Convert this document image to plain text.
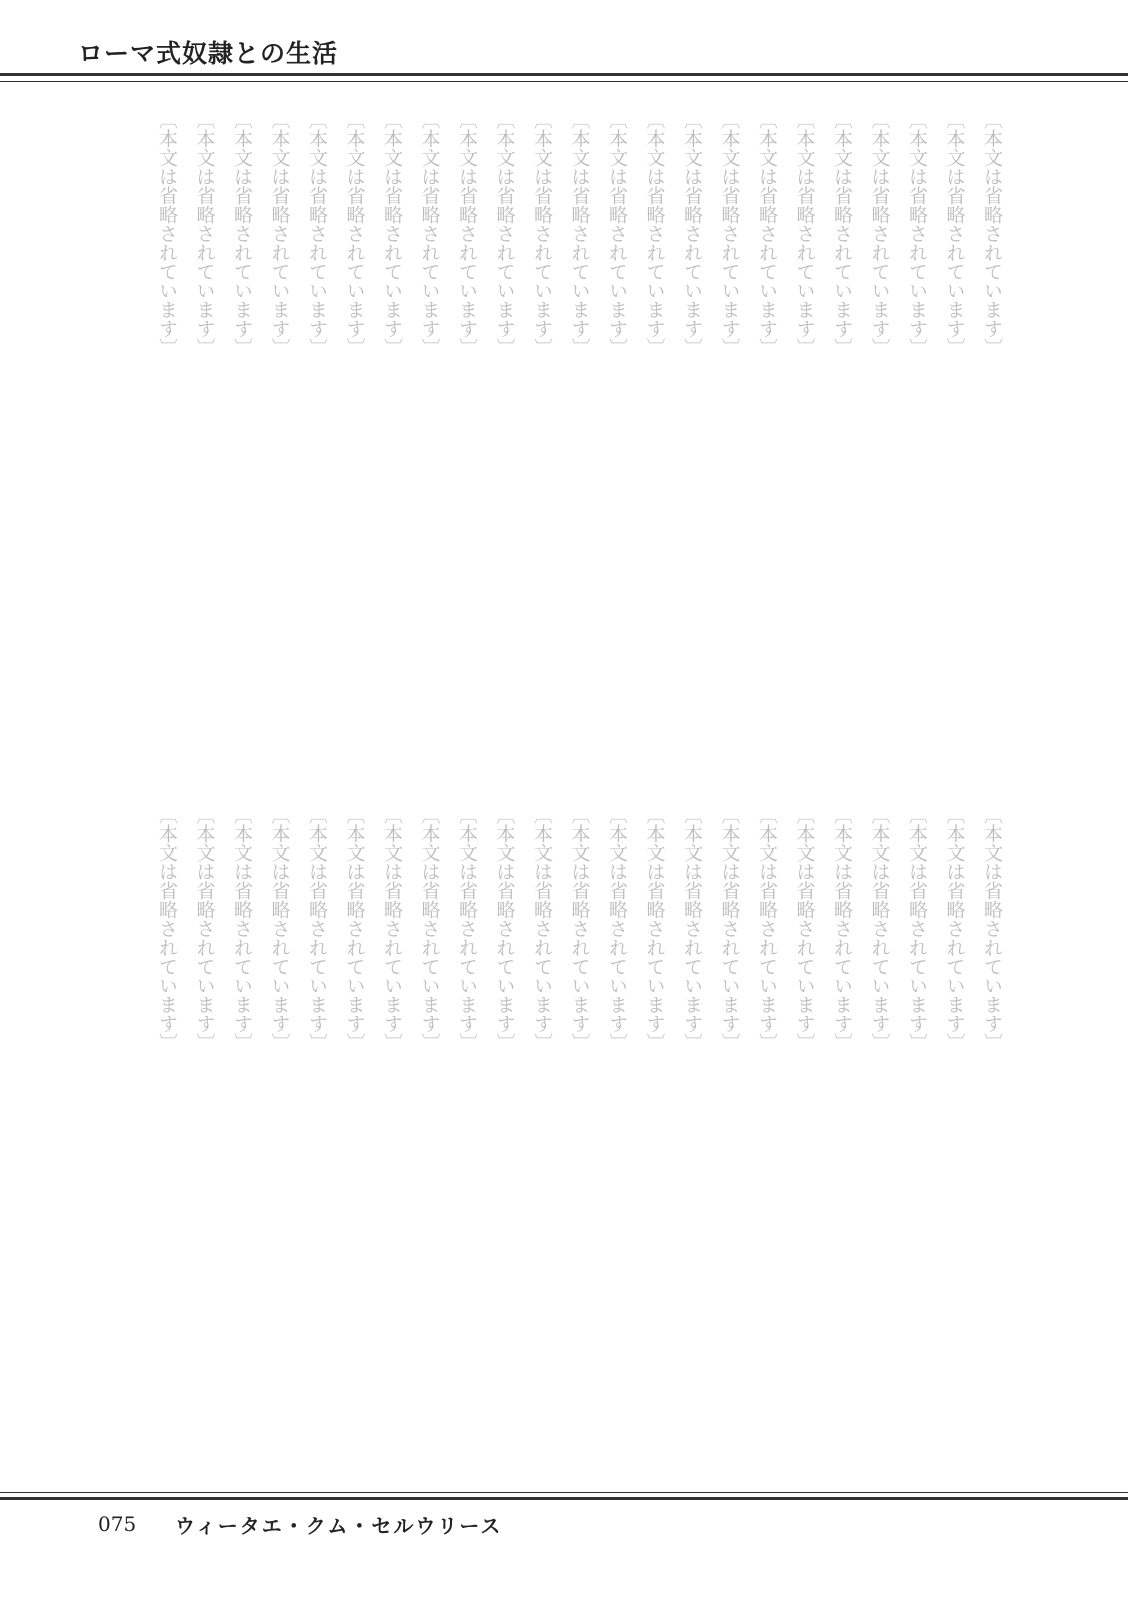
ローマ式奴隷との生活
〔本文は省略されています〕
〔本文は省略されています〕
〔本文は省略されています〕
〔本文は省略されています〕
〔本文は省略されています〕
〔本文は省略されています〕
〔本文は省略されています〕
〔本文は省略されています〕
〔本文は省略されています〕
〔本文は省略されています〕
〔本文は省略されています〕
〔本文は省略されています〕
〔本文は省略されています〕
〔本文は省略されています〕
〔本文は省略されています〕
〔本文は省略されています〕
〔本文は省略されています〕
〔本文は省略されています〕
〔本文は省略されています〕
〔本文は省略されています〕
〔本文は省略されています〕
〔本文は省略されています〕
〔本文は省略されています〕
〔本文は省略されています〕
〔本文は省略されています〕
〔本文は省略されています〕
〔本文は省略されています〕
〔本文は省略されています〕
〔本文は省略されています〕
〔本文は省略されています〕
〔本文は省略されています〕
〔本文は省略されています〕
〔本文は省略されています〕
〔本文は省略されています〕
〔本文は省略されています〕
〔本文は省略されています〕
〔本文は省略されています〕
〔本文は省略されています〕
〔本文は省略されています〕
〔本文は省略されています〕
〔本文は省略されています〕
〔本文は省略されています〕
〔本文は省略されています〕
〔本文は省略されています〕
〔本文は省略されています〕
〔本文は省略されています〕
075 ウィータエ・クム・セルウリース
